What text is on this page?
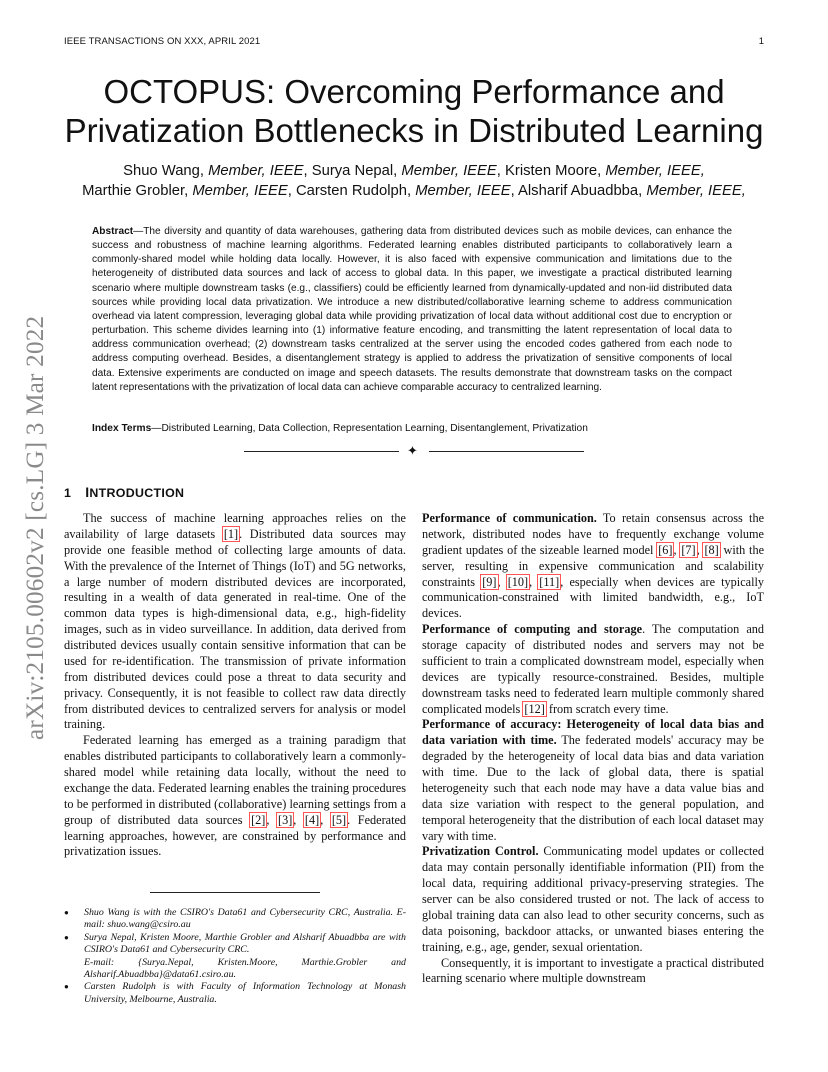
IEEE TRANSACTIONS ON XXX, APRIL 2021	1
OCTOPUS: Overcoming Performance and Privatization Bottlenecks in Distributed Learning
Shuo Wang, Member, IEEE, Surya Nepal, Member, IEEE, Kristen Moore, Member, IEEE,
Marthie Grobler, Member, IEEE, Carsten Rudolph, Member, IEEE, Alsharif Abuadbba, Member, IEEE,
Abstract—The diversity and quantity of data warehouses, gathering data from distributed devices such as mobile devices, can enhance the success and robustness of machine learning algorithms. Federated learning enables distributed participants to collaboratively learn a commonly-shared model while holding data locally. However, it is also faced with expensive communication and limitations due to the heterogeneity of distributed data sources and lack of access to global data. In this paper, we investigate a practical distributed learning scenario where multiple downstream tasks (e.g., classifiers) could be efficiently learned from dynamically-updated and non-iid distributed data sources while providing local data privatization. We introduce a new distributed/collaborative learning scheme to address communication overhead via latent compression, leveraging global data while providing privatization of local data without additional cost due to encryption or perturbation. This scheme divides learning into (1) informative feature encoding, and transmitting the latent representation of local data to address communication overhead; (2) downstream tasks centralized at the server using the encoded codes gathered from each node to address computing overhead. Besides, a disentanglement strategy is applied to address the privatization of sensitive components of local data. Extensive experiments are conducted on image and speech datasets. The results demonstrate that downstream tasks on the compact latent representations with the privatization of local data can achieve comparable accuracy to centralized learning.
Index Terms—Distributed Learning, Data Collection, Representation Learning, Disentanglement, Privatization
✦
arXiv:2105.00602v2 [cs.LG] 3 Mar 2022 1 INTRODUCTION

The success of machine learning approaches relies on the availability of large datasets [1]. Distributed data sources may provide one feasible method of collecting large amounts of data. With the prevalence of the Internet of Things (IoT) and 5G networks, a large number of modern distributed devices are incorporated, resulting in a wealth of data generated in real-time. One of the common data types is high-dimensional data, e.g., high-fidelity images, such as in video surveillance. In addition, data derived from distributed devices usually contain sensitive information that can be used for re-identification. The transmission of private information from distributed devices could pose a threat to data security and privacy. Consequently, it is not feasible to collect raw data directly from distributed devices to centralized servers for analysis or model training.

Federated learning has emerged as a training paradigm that enables distributed participants to collaboratively learn a commonly-shared model while retaining data locally, without the need to exchange the data. Federated learning enables the training procedures to be performed in distributed (collaborative) learning settings from a group of distributed data sources [2], [3], [4], [5]. Federated learning approaches, however, are constrained by performance and privatization issues.

● Shuo Wang is with the CSIRO's Data61 and Cybersecurity CRC, Australia. E-mail: shuo.wang@csiro.au
● Surya Nepal, Kristen Moore, Marthie Grobler and Alsharif Abuadbba are with CSIRO's Data61 and Cybersecurity CRC.
E-mail: {Surya.Nepal, Kristen.Moore, Marthie.Grobler and Alsharif.Abuadbba}@data61.csiro.au.
● Carsten Rudolph is with Faculty of Information Technology at Monash University, Melbourne, Australia.

Performance of communication. To retain consensus across the network, distributed nodes have to frequently exchange volume gradient updates of the sizeable learned model [6], [7], [8] with the server, resulting in expensive communication and scalability constraints [9], [10], [11], especially when devices are typically communication-constrained with limited bandwidth, e.g., IoT devices.

Performance of computing and storage. The computation and storage capacity of distributed nodes and servers may not be sufficient to train a complicated downstream model, especially when devices are typically resource-constrained. Besides, multiple downstream tasks need to federated learn multiple commonly shared complicated models [12] from scratch every time.

Performance of accuracy: Heterogeneity of local data bias and data variation with time. The federated models' accuracy may be degraded by the heterogeneity of local data bias and data variation with time. Due to the lack of global data, there is spatial heterogeneity such that each node may have a data value bias and data size variation with respect to the general population, and temporal heterogeneity that the distribution of each local dataset may vary with time.

Privatization Control. Communicating model updates or collected data may contain personally identifiable information (PII) from the local data, requiring additional privacy-preserving strategies. The server can be also considered trusted or not. The lack of access to global training data can also lead to other security concerns, such as data poisoning, backdoor attacks, or unwanted biases entering the training, e.g., age, gender, sexual orientation.

Consequently, it is important to investigate a practical distributed learning scenario where multiple downstream
